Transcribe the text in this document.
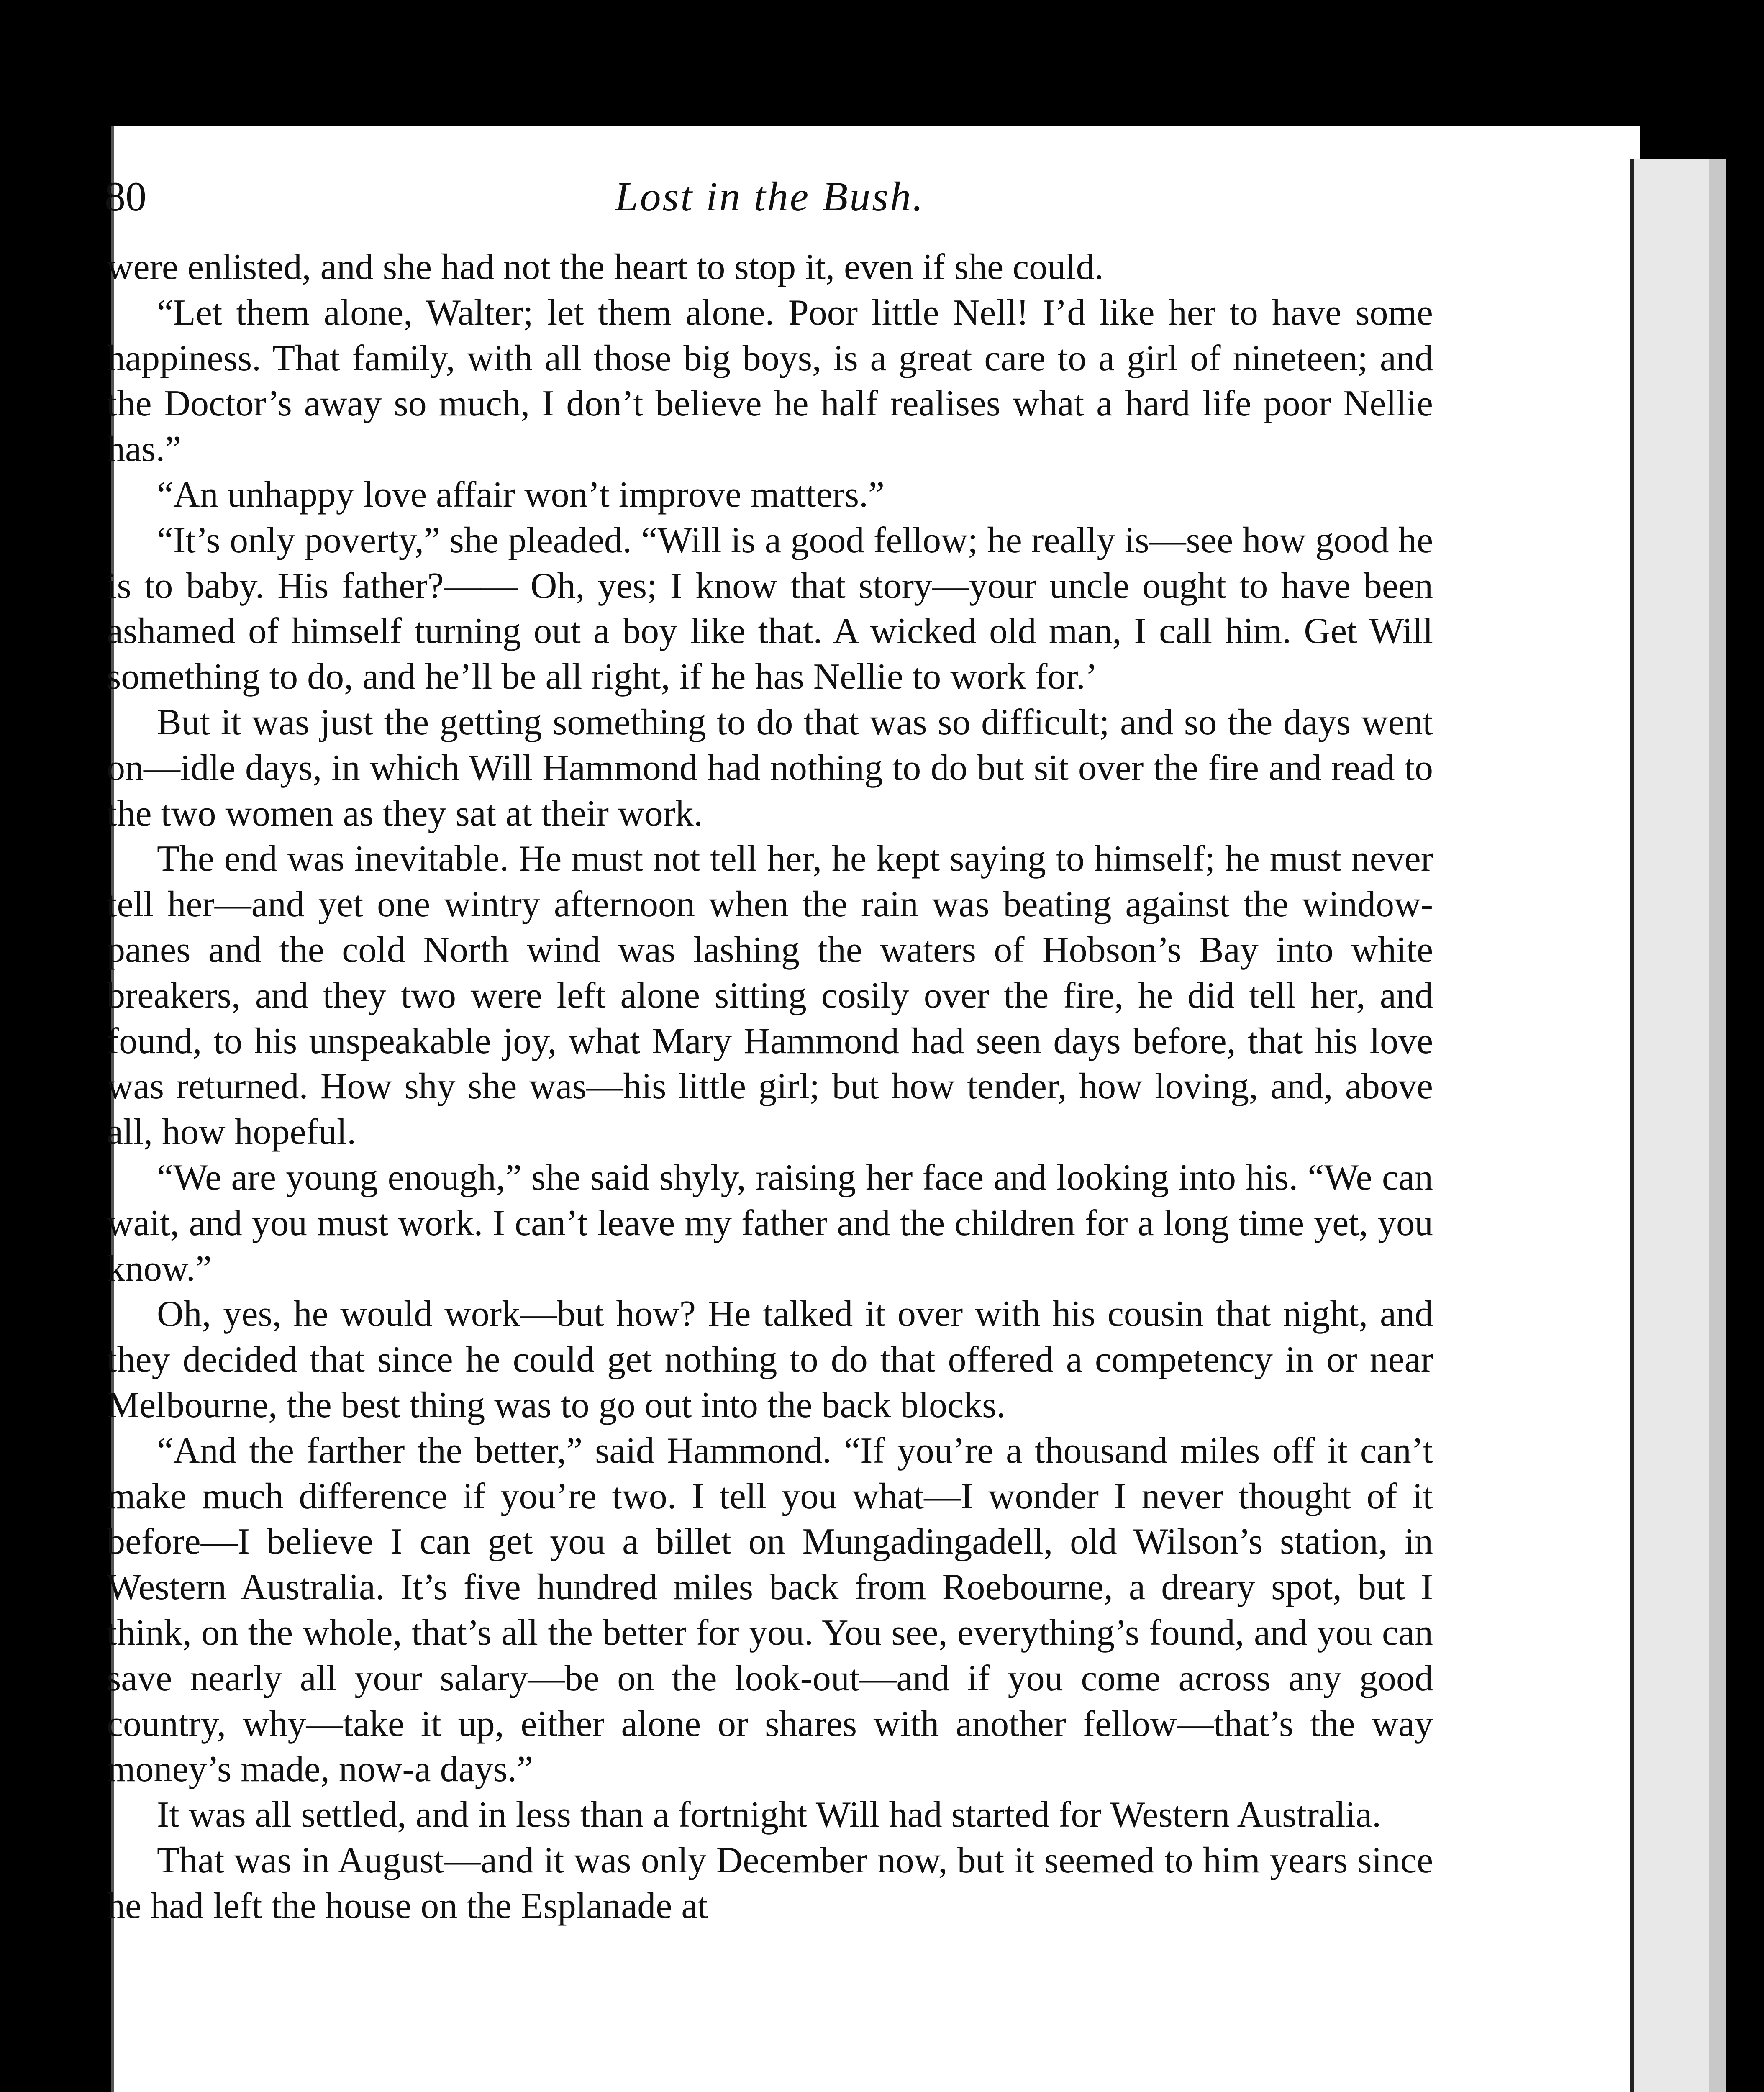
80	Lost in the Bush.

were enlisted, and she had not the heart to stop it, even if she could.

“Let them alone, Walter; let them alone. Poor little Nell! I’d like her to have some happiness. That family, with all those big boys, is a great care to a girl of nineteen; and the Doctor’s away so much, I don’t believe he half realises what a hard life poor Nellie has.”

“An unhappy love affair won’t improve matters.”

“It’s only poverty,” she pleaded. “Will is a good fellow; he really is—see how good he is to baby. His father?—— Oh, yes; I know that story—your uncle ought to have been ashamed of himself turning out a boy like that. A wicked old man, I call him. Get Will something to do, and he’ll be all right, if he has Nellie to work for.’

But it was just the getting something to do that was so difficult; and so the days went on—idle days, in which Will Hammond had nothing to do but sit over the fire and read to the two women as they sat at their work.

The end was inevitable. He must not tell her, he kept saying to himself; he must never tell her—and yet one wintry afternoon when the rain was beating against the window-panes and the cold North wind was lashing the waters of Hobson’s Bay into white breakers, and they two were left alone sitting cosily over the fire, he did tell her, and found, to his unspeakable joy, what Mary Hammond had seen days before, that his love was returned. How shy she was—his little girl; but how tender, how loving, and, above all, how hopeful.

“We are young enough,” she said shyly, raising her face and looking into his. “We can wait, and you must work. I can’t leave my father and the children for a long time yet, you know.”

Oh, yes, he would work—but how? He talked it over with his cousin that night, and they decided that since he could get nothing to do that offered a competency in or near Melbourne, the best thing was to go out into the back blocks.

“And the farther the better,” said Hammond. “If you’re a thousand miles off it can’t make much difference if you’re two. I tell you what—I wonder I never thought of it before—I believe I can get you a billet on Mungadingadell, old Wilson’s station, in Western Australia. It’s five hundred miles back from Roebourne, a dreary spot, but I think, on the whole, that’s all the better for you. You see, everything’s found, and you can save nearly all your salary—be on the look-out—and if you come across any good country, why—take it up, either alone or shares with another fellow—that’s the way money’s made, now-a days.”

It was all settled, and in less than a fortnight Will had started for Western Australia.

That was in August—and it was only December now, but it seemed to him years since he had left the house on the Esplanade at
